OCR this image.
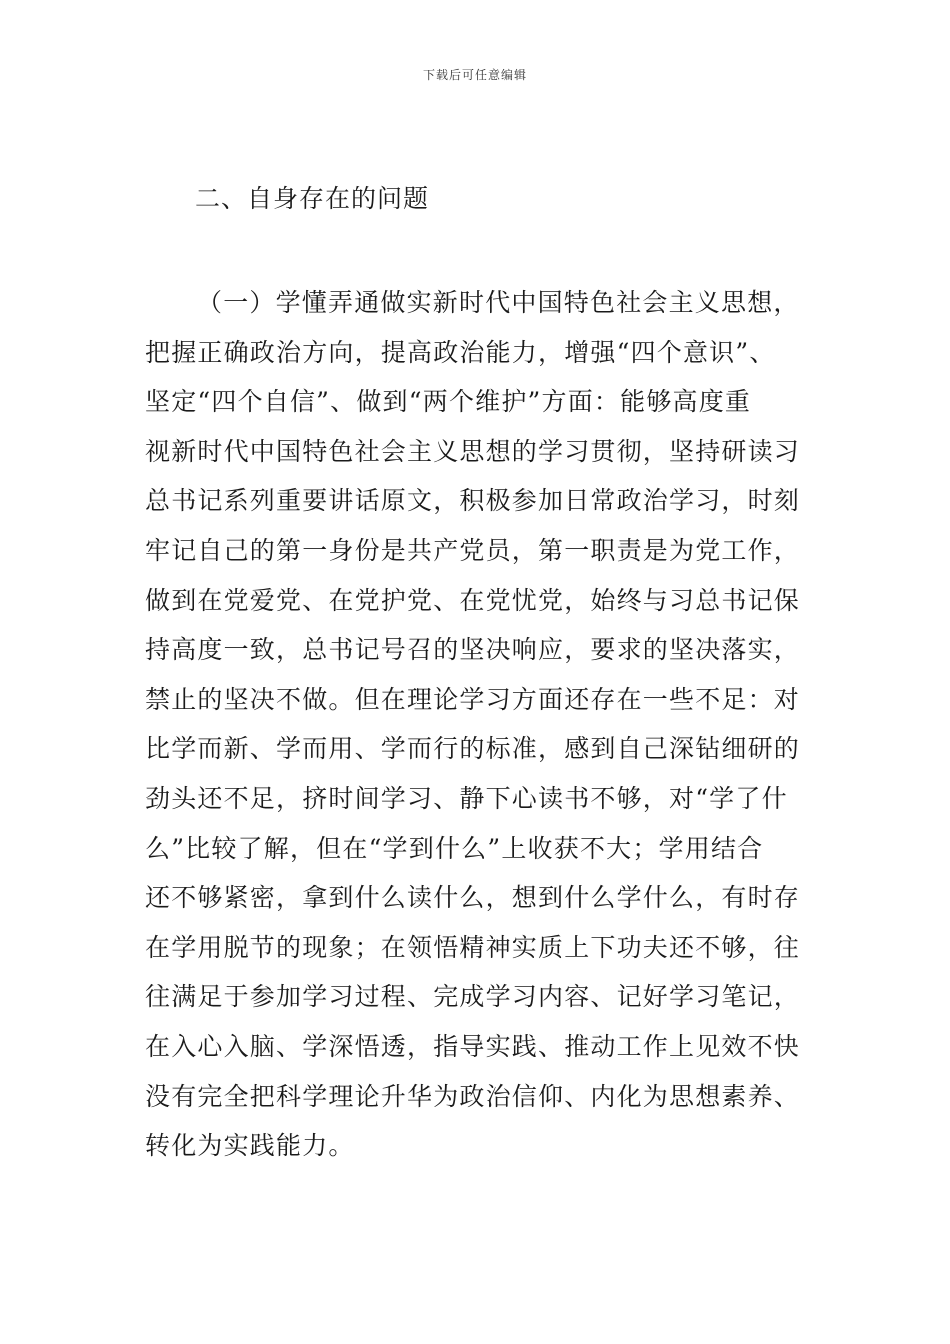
下载后可任意编辑
二、自身存在的问题
（一）学懂弄通做实新时代中国特色社会主义思想，
把握正确政治方向，提高政治能力，增强“四个意识”、
坚定“四个自信”、做到“两个维护”方面：能够高度重
视新时代中国特色社会主义思想的学习贯彻，坚持研读习
总书记系列重要讲话原文，积极参加日常政治学习，时刻
牢记自己的第一身份是共产党员，第一职责是为党工作，
做到在党爱党、在党护党、在党忧党，始终与习总书记保
持高度一致，总书记号召的坚决响应，要求的坚决落实，
禁止的坚决不做。但在理论学习方面还存在一些不足：对
比学而新、学而用、学而行的标准，感到自己深钻细研的
劲头还不足，挤时间学习、静下心读书不够，对“学了什
么”比较了解，但在“学到什么”上收获不大；学用结合
还不够紧密，拿到什么读什么，想到什么学什么，有时存
在学用脱节的现象；在领悟精神实质上下功夫还不够，往
往满足于参加学习过程、完成学习内容、记好学习笔记，
在入心入脑、学深悟透，指导实践、推动工作上见效不快
没有完全把科学理论升华为政治信仰、内化为思想素养、
转化为实践能力。
